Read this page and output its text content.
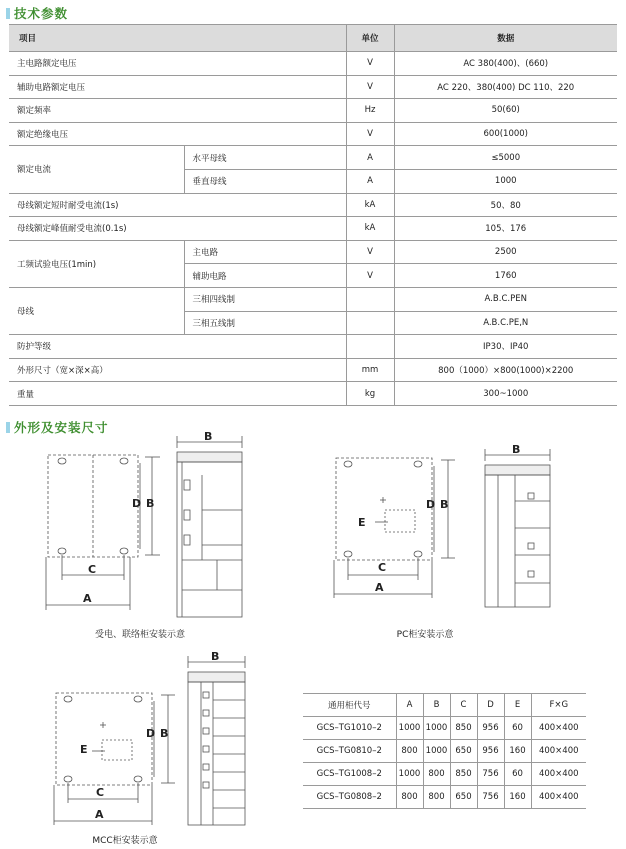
技术参数
项目		单位	数据
主电路额定电压		V	AC 380(400)、(660)
辅助电路额定电压		V	AC 220、380(400) DC 110、220
额定频率		Hz	50(60)
额定绝缘电压		V	600(1000)
额定电流	水平母线	A	≤5000
	垂直母线	A	1000
母线额定短时耐受电流(1s)		kA	50、80
母线额定峰值耐受电流(0.1s)		kA	105、176
工频试验电压(1min)	主电路	V	2500
	辅助电路	V	1760
母线	三相四线制		A.B.C.PEN
	三相五线制		A.B.C.PE,N
防护等级			IP30、IP40
外形尺寸（宽×深×高）		mm	800（1000）×800(1000)×2200
重量		kg	300~1000
外形及安装尺寸
D B
C
A
B
受电、联络柜安装示意
E
D B
C
A
B
PC柜安装示意
E
D B
C
A
B
MCC柜安装示意
通用柜代号	A	B	C	D	E	F×G
GCS–TG1010–2	1000	1000	850	956	60	400×400
GCS–TG0810–2	800	1000	650	956	160	400×400
GCS–TG1008–2	1000	800	850	756	60	400×400
GCS–TG0808–2	800	800	650	756	160	400×400
